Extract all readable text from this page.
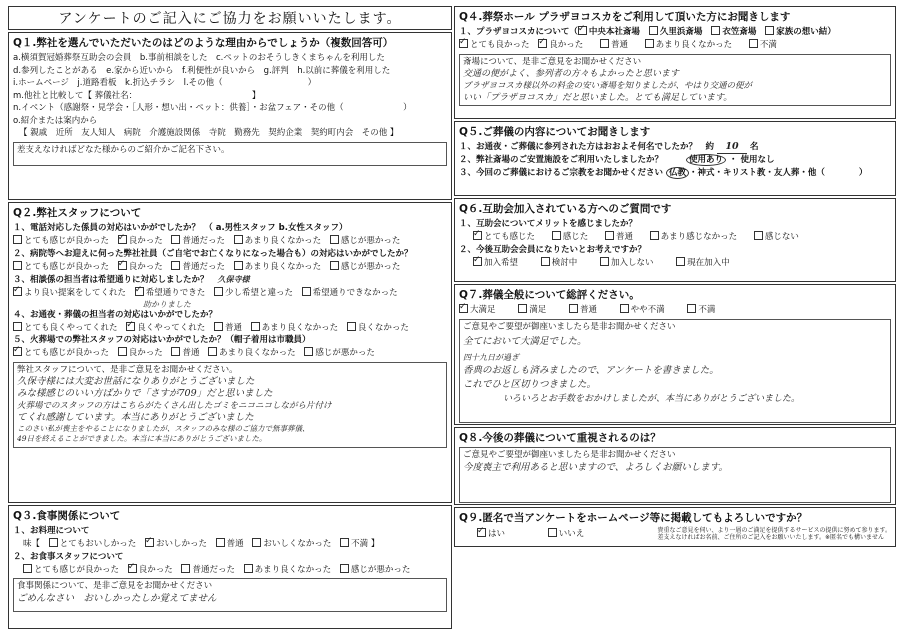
アンケートのご記入にご協力をお願いいたします。
Q１.弊社を選んでいただいたのはどのような理由からでしょうか（複数回答可）
a.横須賀冠婚葬祭互助会の会員　b.事前相談をした　c.ペットのおそうしきくまちゃんを利用した
d.参列したことがある　e.家から近いから　f.利便性が良いから　g.評判　h.以前に葬儀を利用した
i.ホームページ　j.道路看板　k.折込チラシ　l.その他（　　　　　　　　　　）
m.他社と比較して【 葬儀社名：　　　　　　　　　　　　　　】
n.イベント（感謝祭・見学会・［人形・想い出・ペット：供養］・お盆フェア・その他（　　　　　　　）
o.紹介または案内から
【 親戚　近所　友人知人　病院　介護施設関係　寺院　勤務先　契約企業　契約町内会　その他 】
差支えなければどなた様からのご紹介かご記名下さい。
Q２.弊社スタッフについて
１、電話対応した係員の対応はいかがでしたか？　（ a.男性スタッフ b.女性スタッフ）
とても感じが良かった ✓ 良かった 普通だった あまり良くなかった 感じが悪かった
２、病院等へお迎えに伺った弊社社員（ご自宅でお亡くなりになった場合も）の対応はいかがでしたか？
とても感じが良かった ✓ 良かった 普通だった あまり良くなかった 感じが悪かった
３、相談係の担当者は希望通りに対応しましたか？ 久保寺様
✓より良い提案をしてくれた ✓ 希望通りできた 少し希望と違った 希望通りできなかった
助かりました
４、お通夜・葬儀の担当者の対応はいかがでしたか？
とても良くやってくれた ✓ 良くやってくれた 普通 あまり良くなかった 良くなかった
５、火葬場での弊社スタッフの対応はいかがでしたか？（帽子着用は市職員）
✓とても感じが良かった 良かった 普通 あまり良くなかった 感じが悪かった
弊社スタッフについて、是非ご意見をお聞かせください。
久保寺様には大変お世話になりありがとうございました
みな様感じのいい方ばかりで「さすが709」だと思いました
火葬場でのスタッフの方はこちらがたくさん出したゴミをニコニコしながら片付け
てくれ感謝しています。本当にありがとうございました
このさい私が喪主をやることになりましたが、スタッフのみな様のご協力で無事葬儀、
49日を終えることができました。本当に本当にありがとうございました。
Q３.食事関係について
１、お料理について
味【 とてもおいしかった ✓ おいしかった 普通 おいしくなかった 不満 】
２、お食事スタッフについて
とても感じが良かった ✓ 良かった 普通だった あまり良くなかった 感じが悪かった
食事関係について、是非ご意見をお聞かせください
ごめんなさい　おいしかったしか覚えてません
Q４.葬祭ホール プラザヨコスカをご利用して頂いた方にお聞きします
１、プラザヨコスカについて（ ✓ 中央本社斎場 久里浜斎場 衣笠斎場 家族の想い結）
✓とても良かった ✓ 良かった	普通	あまり良くなかった	不満
斎場について、是非ご意見をお聞かせください
交通の便がよく、参列者の方々もよかったと思います
プラザヨコスカ様以外の料金の安い斎場を知りましたが、やはり交通の便が
いい「プラザヨコスカ」だと思いました。とても満足しています。
Q５.ご葬儀の内容についてお聞きします
１、お通夜・ご葬儀に参列された方はおおよそ何名でしたか？　約 10 名
２、弊社斎場のご安置施設をご利用いたしましたか？	使用あり ・ 使用なし
３、今回のご葬儀におけるご宗教をお聞かせください 仏教 ・神式・キリスト教・友人葬・他（　　　　）
Q６.互助会加入されている方へのご質問です
１、互助会についてメリットを感じましたか？
✓とても感じた	感じた	普通	あまり感じなかった	感じない
２、今後互助会会員になりたいとお考えですか？
✓加入希望	検討中	加入しない	現在加入中
Q７.葬儀全般について総評ください。
✓大満足	満足	普通	やや不満	不満
ご意見やご要望が御座いましたら是非お聞かせください
全てにおいて大満足でした。
四十九日が過ぎ
香典のお返しも済みましたので、アンケートを書きました。
これでひと区切りつきました。
いろいろとお手数をおかけしましたが、本当にありがとうございました。
Q８.今後の葬儀について重視されるのは？
ご意見やご要望が御座いましたら是非お聞かせください
今度喪主で利用あると思いますので、よろしくお願いします。
Q９.匿名で当アンケートをホームページ等に掲載してもよろしいですか？
✓はい	いいえ	貴重なご意見を伺い、より一層のご満足を提供するサービスの提供に努めて参ります。
差支えなければお名前、ご住所のご記入をお願いいたします。※匿名でも構いません
